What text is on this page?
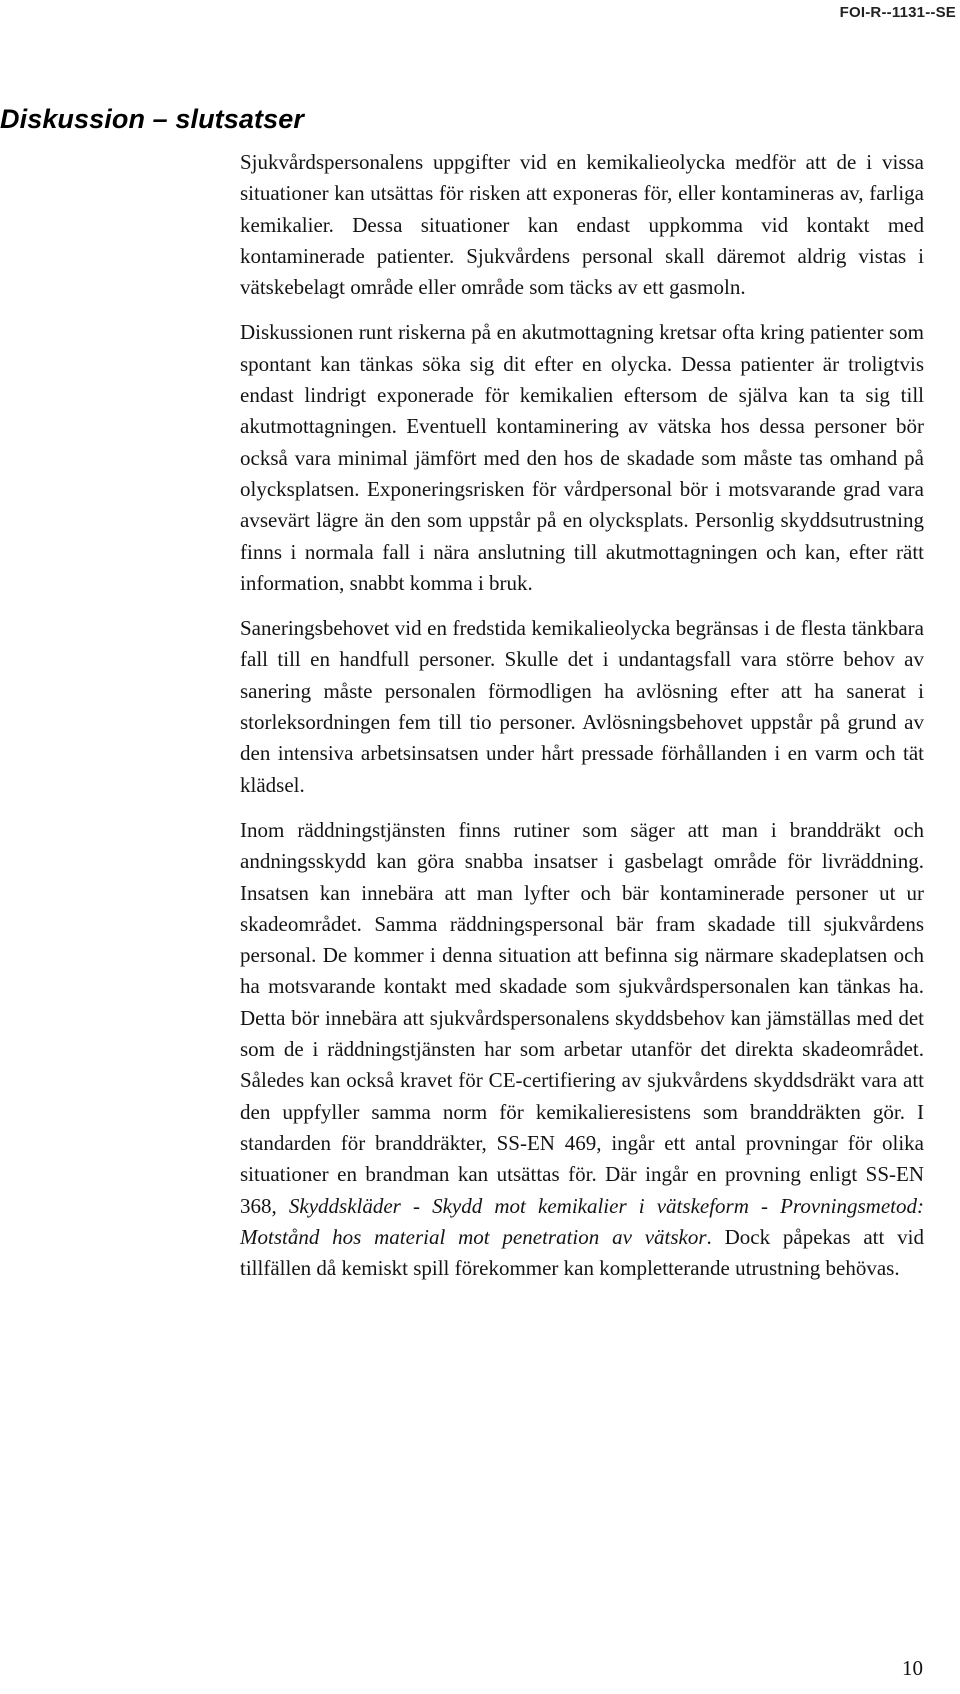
FOI-R--1131--SE
Diskussion – slutsatser

Sjukvårdspersonalens uppgifter vid en kemikalieolycka medför att de i vissa situationer kan utsättas för risken att exponeras för, eller kontamineras av, farliga kemikalier. Dessa situationer kan endast uppkomma vid kontakt med kontaminerade patienter. Sjukvårdens personal skall däremot aldrig vistas i vätskebelagt område eller område som täcks av ett gasmoln.

Diskussionen runt riskerna på en akutmottagning kretsar ofta kring patienter som spontant kan tänkas söka sig dit efter en olycka. Dessa patienter är troligtvis endast lindrigt exponerade för kemikalien eftersom de själva kan ta sig till akutmottagningen. Eventuell kontaminering av vätska hos dessa personer bör också vara minimal jämfört med den hos de skadade som måste tas omhand på olycksplatsen. Exponeringsrisken för vårdpersonal bör i motsvarande grad vara avsevärt lägre än den som uppstår på en olycksplats. Personlig skyddsutrustning finns i normala fall i nära anslutning till akutmottagningen och kan, efter rätt information, snabbt komma i bruk.

Saneringsbehovet vid en fredstida kemikalieolycka begränsas i de flesta tänkbara fall till en handfull personer. Skulle det i undantagsfall vara större behov av sanering måste personalen förmodligen ha avlösning efter att ha sanerat i storleksordningen fem till tio personer. Avlösningsbehovet uppstår på grund av den intensiva arbetsinsatsen under hårt pressade förhållanden i en varm och tät klädsel.

Inom räddningstjänsten finns rutiner som säger att man i branddräkt och andningsskydd kan göra snabba insatser i gasbelagt område för livräddning. Insatsen kan innebära att man lyfter och bär kontaminerade personer ut ur skadeområdet. Samma räddningspersonal bär fram skadade till sjukvårdens personal. De kommer i denna situation att befinna sig närmare skadeplatsen och ha motsvarande kontakt med skadade som sjukvårdspersonalen kan tänkas ha. Detta bör innebära att sjukvårdspersonalens skyddsbehov kan jämställas med det som de i räddningstjänsten har som arbetar utanför det direkta skadeområdet. Således kan också kravet för CE-certifiering av sjukvårdens skyddsdräkt vara att den uppfyller samma norm för kemikalieresistens som branddräkten gör. I standarden för branddräkter, SS-EN 469, ingår ett antal provningar för olika situationer en brandman kan utsättas för. Där ingår en provning enligt SS-EN 368, Skyddskläder - Skydd mot kemikalier i vätskeform - Provningsmetod: Motstånd hos material mot penetration av vätskor. Dock påpekas att vid tillfällen då kemiskt spill förekommer kan kompletterande utrustning behövas.

10
